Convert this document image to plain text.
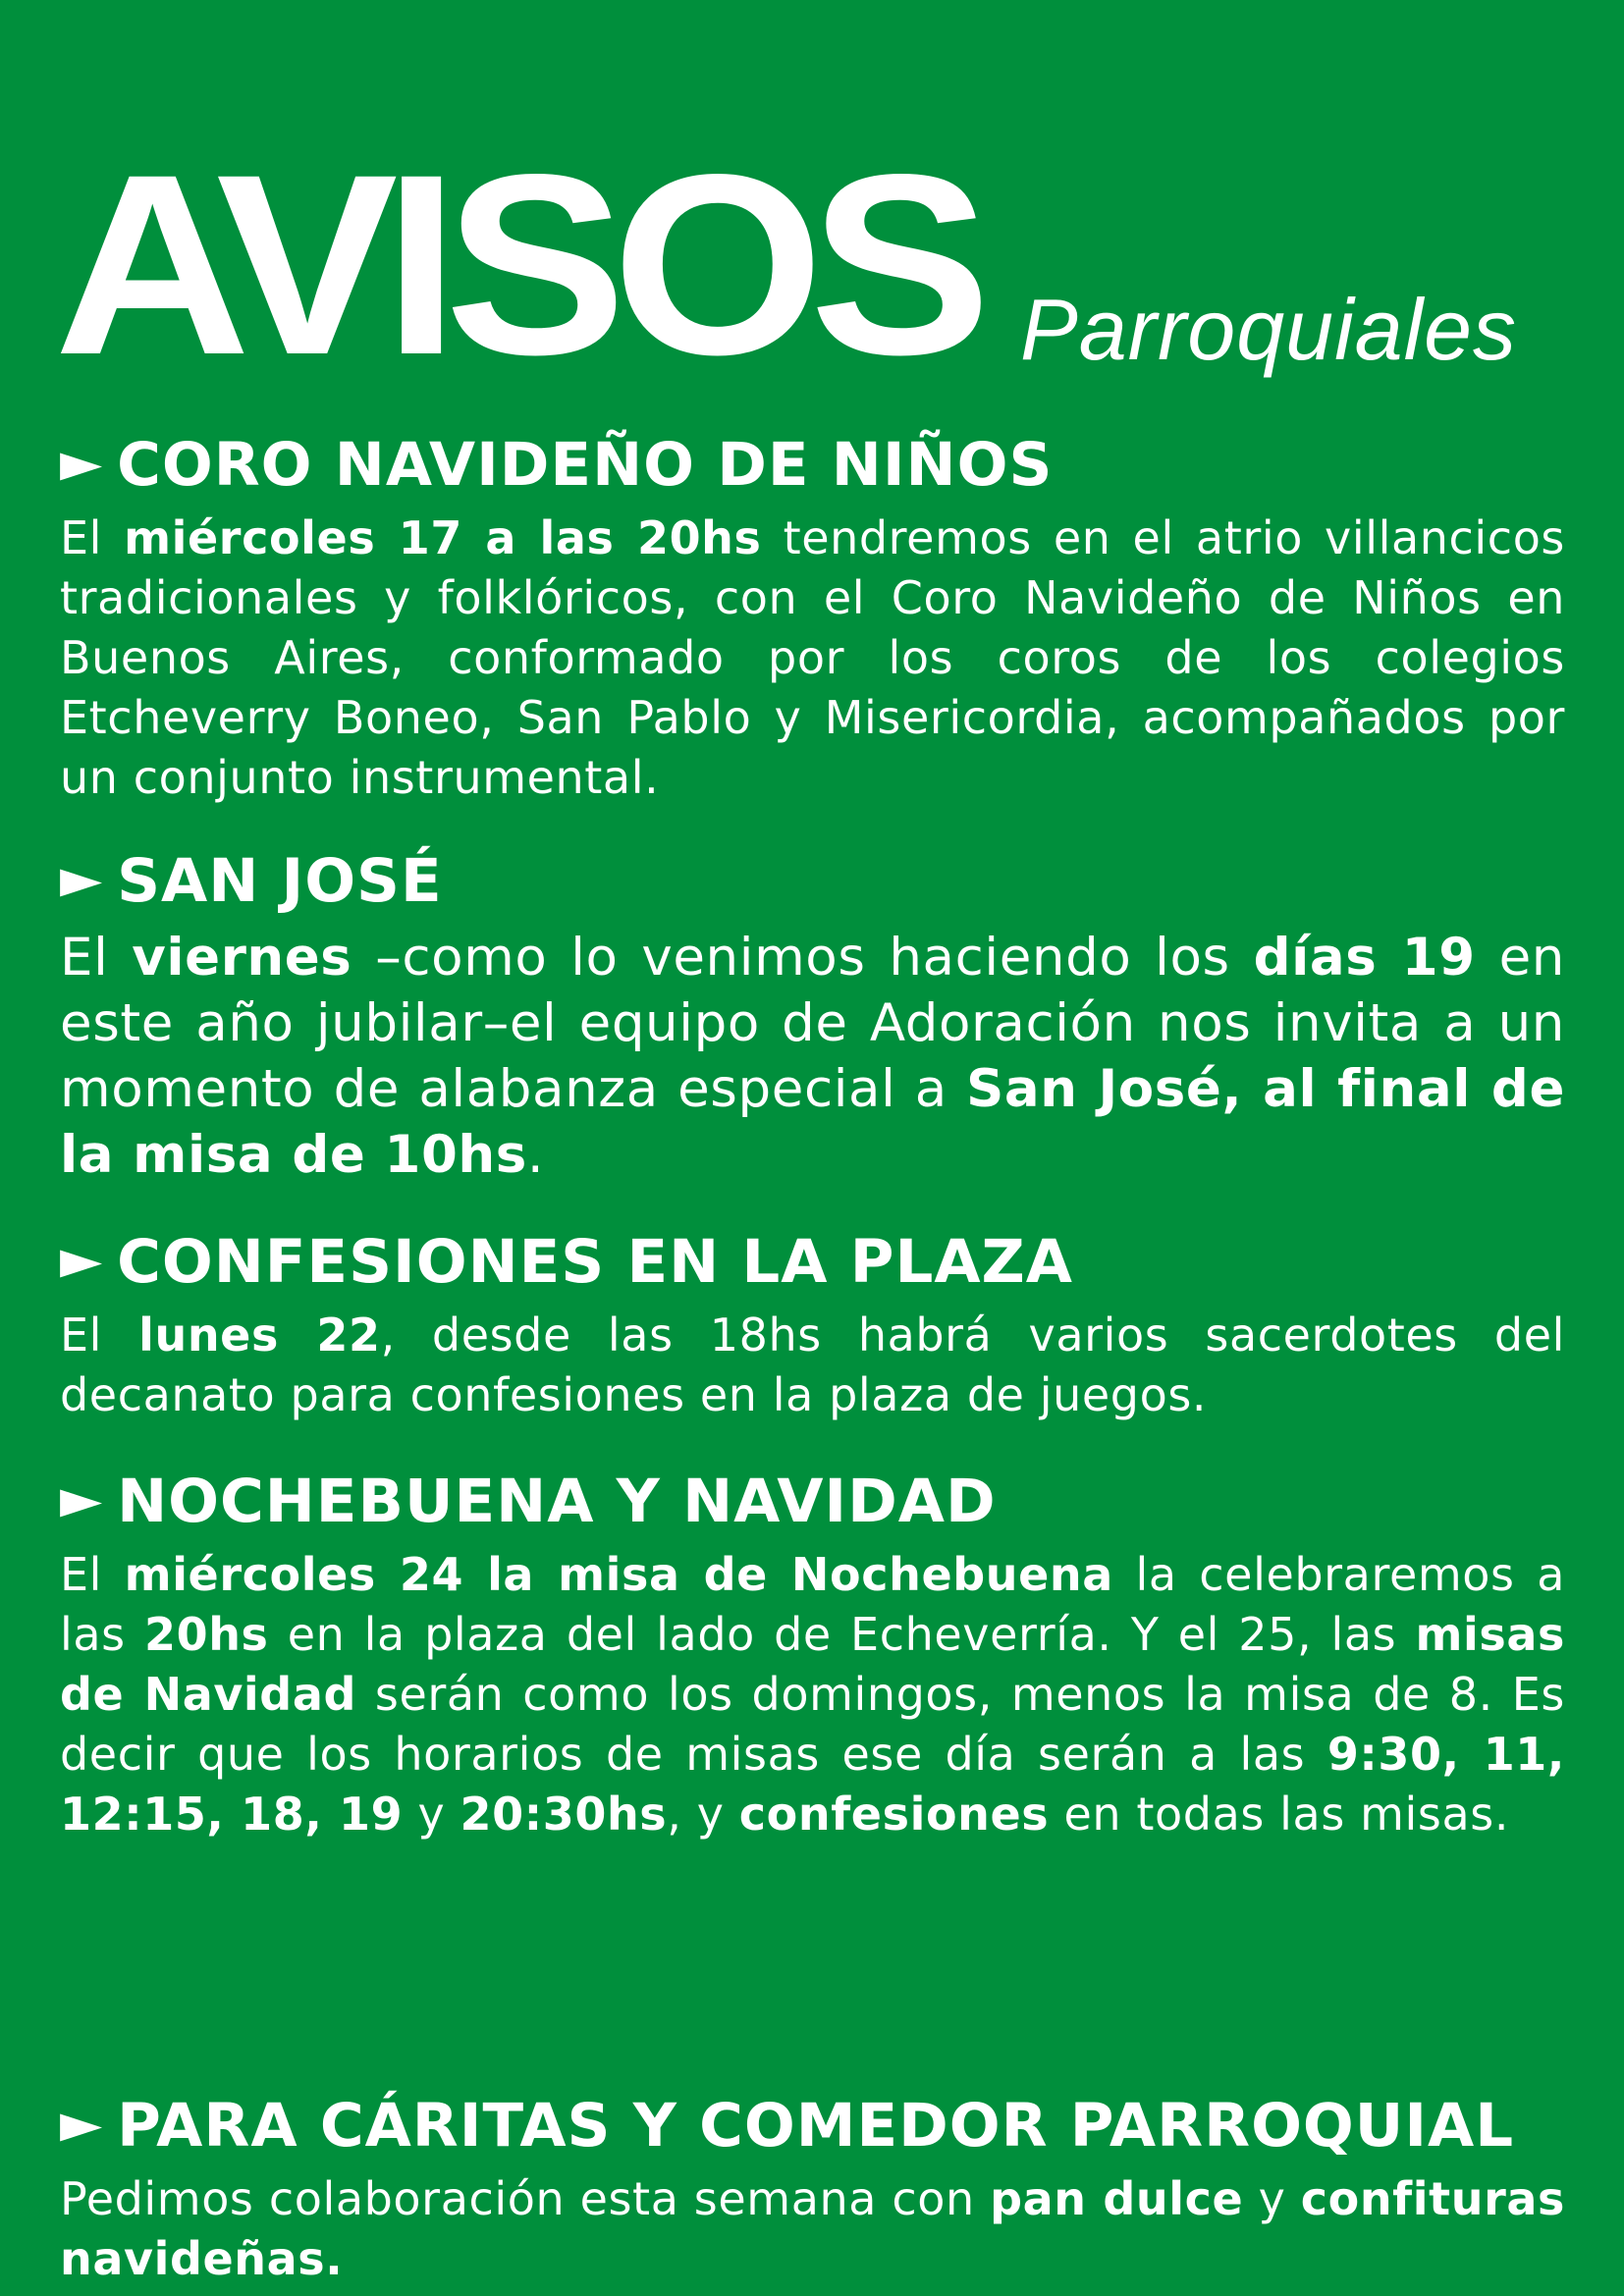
AVISOS Parroquiales
► CORO NAVIDEÑO DE NIÑOS
El miércoles 17 a las 20hs tendremos en el atrio villancicos tradicionales y folklóricos, con el Coro Navideño de Niños en Buenos Aires, conformado por los coros de los colegios Etcheverry Boneo, San Pablo y Misericordia, acompañados por un conjunto instrumental.
► SAN JOSÉ
El viernes –como lo venimos haciendo los días 19 en este año jubilar–el equipo de Adoración nos invita a un momento de alabanza especial a San José, al final de la misa de 10hs.
► CONFESIONES EN LA PLAZA
El lunes 22, desde las 18hs habrá varios sacerdotes del decanato para confesiones en la plaza de juegos.
► NOCHEBUENA Y NAVIDAD
El miércoles 24 la misa de Nochebuena la celebraremos a las 20hs en la plaza del lado de Echeverría. Y el 25, las misas de Navidad serán como los domingos, menos la misa de 8. Es decir que los horarios de misas ese día serán a las 9:30, 11, 12:15, 18, 19 y 20:30hs, y confesiones en todas las misas.
► PARA CÁRITAS Y COMEDOR PARROQUIAL
Pedimos colaboración esta semana con pan dulce y confituras navideñas.
